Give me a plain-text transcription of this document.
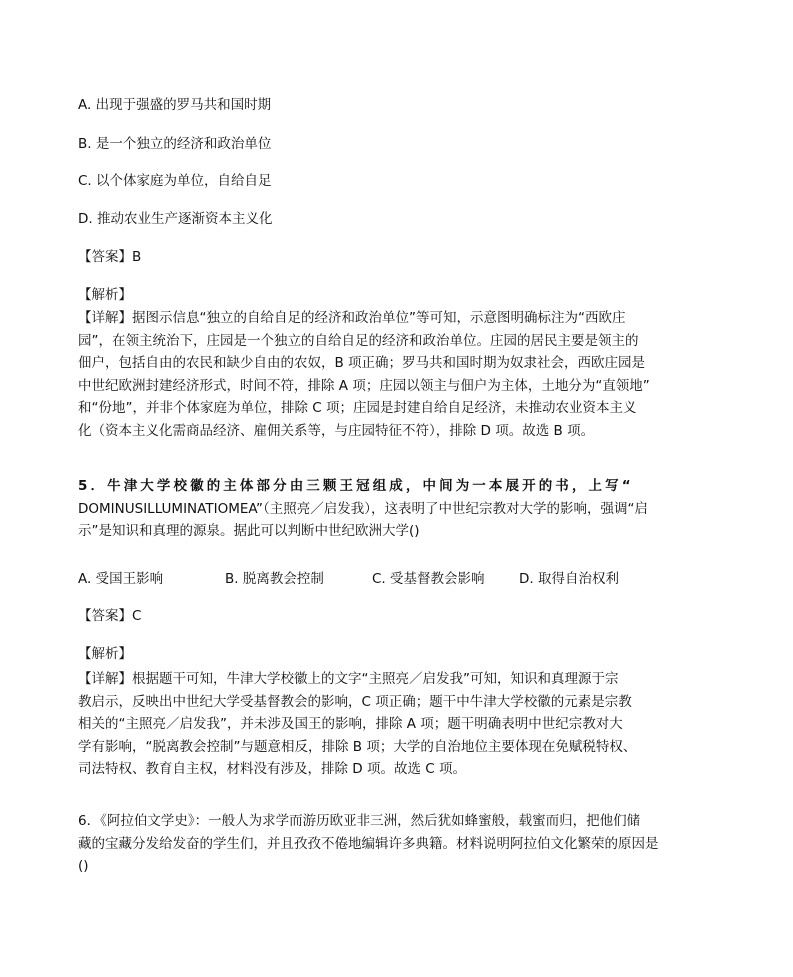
A. 出现于强盛的罗马共和国时期
B. 是一个独立的经济和政治单位
C. 以个体家庭为单位，自给自足
D. 推动农业生产逐渐资本主义化
【答案】B
【解析】
【详解】据图示信息“独立的自给自足的经济和政治单位”等可知，示意图明确标注为“西欧庄
园”，在领主统治下，庄园是一个独立的自给自足的经济和政治单位。庄园的居民主要是领主的
佃户，包括自由的农民和缺少自由的农奴，B 项正确；罗马共和国时期为奴隶社会，西欧庄园是
中世纪欧洲封建经济形式，时间不符，排除 A 项；庄园以领主与佃户为主体，土地分为“直领地”
和“份地”，并非个体家庭为单位，排除 C 项；庄园是封建自给自足经济，未推动农业资本主义
化（资本主义化需商品经济、雇佣关系等，与庄园特征不符），排除 D 项。故选 B 项。
5．牛津大学校徽的主体部分由三颗王冠组成，中间为一本展开的书，上写“
DOMINUSILLUMINATIOMEA”（主照亮／启发我），这表明了中世纪宗教对大学的影响，强调“启
示”是知识和真理的源泉。据此可以判断中世纪欧洲大学()
A. 受国王影响	B. 脱离教会控制	C. 受基督教会影响	D. 取得自治权利
【答案】C
【解析】
【详解】根据题干可知，牛津大学校徽上的文字“主照亮／启发我”可知，知识和真理源于宗
教启示，反映出中世纪大学受基督教会的影响，C 项正确；题干中牛津大学校徽的元素是宗教
相关的“主照亮／启发我”，并未涉及国王的影响，排除 A 项；题干明确表明中世纪宗教对大
学有影响，“脱离教会控制”与题意相反，排除 B 项；大学的自治地位主要体现在免赋税特权、
司法特权、教育自主权，材料没有涉及，排除 D 项。故选 C 项。
6．《阿拉伯文学史》：一般人为求学而游历欧亚非三洲，然后犹如蜂蜜般，载蜜而归，把他们储
藏的宝藏分发给发奋的学生们，并且孜孜不倦地编辑许多典籍。材料说明阿拉伯文化繁荣的原因是
()
